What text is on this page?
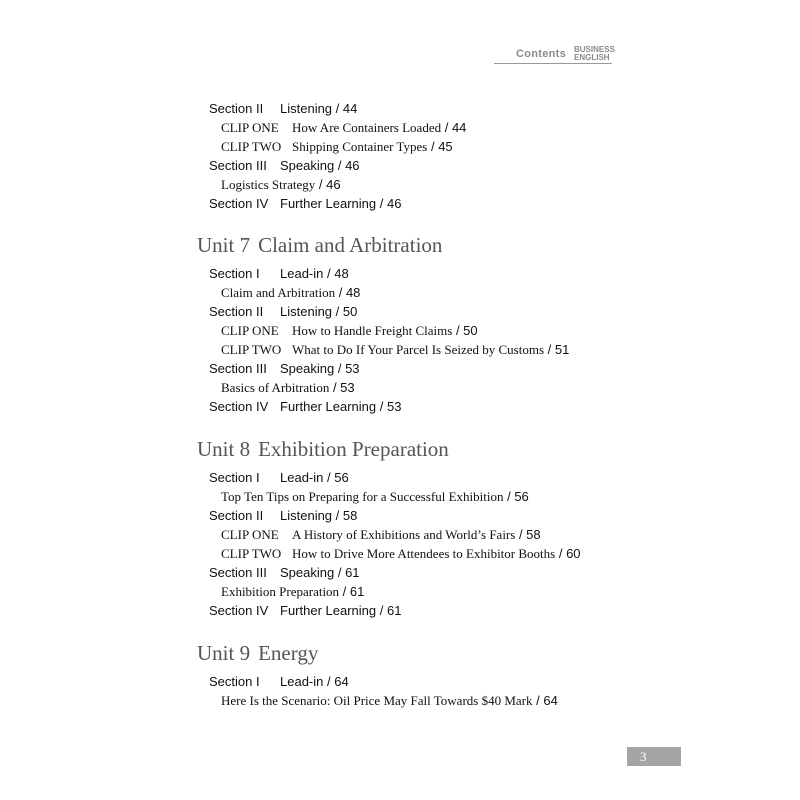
Contents BUSINESS
ENGLISH
Section II Listening / 44
CLIP ONE How Are Containers Loaded / 44
CLIP TWO Shipping Container Types / 45
Section III Speaking / 46
Logistics Strategy / 46
Section IV Further Learning / 46
Unit 7 Claim and Arbitration
Section I Lead-in / 48
Claim and Arbitration / 48
Section II Listening / 50
CLIP ONE How to Handle Freight Claims / 50
CLIP TWO What to Do If Your Parcel Is Seized by Customs / 51
Section III Speaking / 53
Basics of Arbitration / 53
Section IV Further Learning / 53
Unit 8 Exhibition Preparation
Section I Lead-in / 56
Top Ten Tips on Preparing for a Successful Exhibition / 56
Section II Listening / 58
CLIP ONE A History of Exhibitions and World’s Fairs / 58
CLIP TWO How to Drive More Attendees to Exhibitor Booths / 60
Section III Speaking / 61
Exhibition Preparation / 61
Section IV Further Learning / 61
Unit 9 Energy
Section I Lead-in / 64
Here Is the Scenario: Oil Price May Fall Towards $40 Mark / 64
3
